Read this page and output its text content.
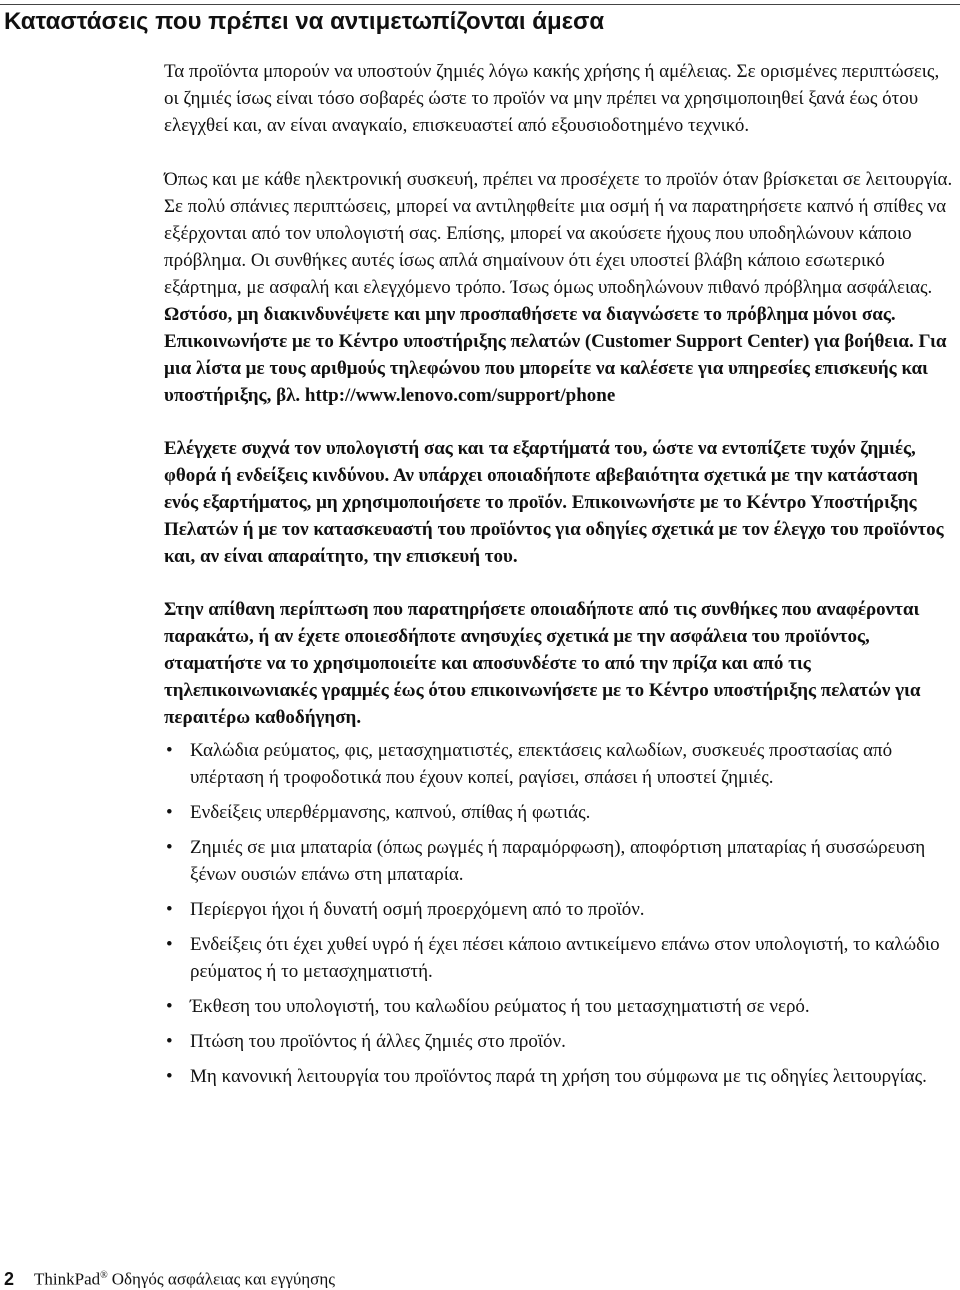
Καταστάσεις που πρέπει να αντιμετωπίζονται άμεσα

Τα προϊόντα μπορούν να υποστούν ζημιές λόγω κακής χρήσης ή αμέλειας. Σε ορισμένες περιπτώσεις, οι ζημιές ίσως είναι τόσο σοβαρές ώστε το προϊόν να μην πρέπει να χρησιμοποιηθεί ξανά έως ότου ελεγχθεί και, αν είναι αναγκαίο, επισκευαστεί από εξουσιοδοτημένο τεχνικό.

Όπως και με κάθε ηλεκτρονική συσκευή, πρέπει να προσέχετε το προϊόν όταν βρίσκεται σε λειτουργία. Σε πολύ σπάνιες περιπτώσεις, μπορεί να αντιληφθείτε μια οσμή ή να παρατηρήσετε καπνό ή σπίθες να εξέρχονται από τον υπολογιστή σας. Επίσης, μπορεί να ακούσετε ήχους που υποδηλώνουν κάποιο πρόβλημα. Οι συνθήκες αυτές ίσως απλά σημαίνουν ότι έχει υποστεί βλάβη κάποιο εσωτερικό εξάρτημα, με ασφαλή και ελεγχόμενο τρόπο. Ίσως όμως υποδηλώνουν πιθανό πρόβλημα ασφάλειας. Ωστόσο, μη διακινδυνέψετε και μην προσπαθήσετε να διαγνώσετε το πρόβλημα μόνοι σας. Επικοινωνήστε με το Κέντρο υποστήριξης πελατών (Customer Support Center) για βοήθεια. Για μια λίστα με τους αριθμούς τηλεφώνου που μπορείτε να καλέσετε για υπηρεσίες επισκευής και υποστήριξης, βλ. http://www.lenovo.com/support/phone

Ελέγχετε συχνά τον υπολογιστή σας και τα εξαρτήματά του, ώστε να εντοπίζετε τυχόν ζημιές, φθορά ή ενδείξεις κινδύνου. Αν υπάρχει οποιαδήποτε αβεβαιότητα σχετικά με την κατάσταση ενός εξαρτήματος, μη χρησιμοποιήσετε το προϊόν. Επικοινωνήστε με το Κέντρο Υποστήριξης Πελατών ή με τον κατασκευαστή του προϊόντος για οδηγίες σχετικά με τον έλεγχο του προϊόντος και, αν είναι απαραίτητο, την επισκευή του.

Στην απίθανη περίπτωση που παρατηρήσετε οποιαδήποτε από τις συνθήκες που αναφέρονται παρακάτω, ή αν έχετε οποιεσδήποτε ανησυχίες σχετικά με την ασφάλεια του προϊόντος, σταματήστε να το χρησιμοποιείτε και αποσυνδέστε το από την πρίζα και από τις τηλεπικοινωνιακές γραμμές έως ότου επικοινωνήσετε με το Κέντρο υποστήριξης πελατών για περαιτέρω καθοδήγηση.

• Καλώδια ρεύματος, φις, μετασχηματιστές, επεκτάσεις καλωδίων, συσκευές προστασίας από υπέρταση ή τροφοδοτικά που έχουν κοπεί, ραγίσει, σπάσει ή υποστεί ζημιές.
• Ενδείξεις υπερθέρμανσης, καπνού, σπίθας ή φωτιάς.
• Ζημιές σε μια μπαταρία (όπως ρωγμές ή παραμόρφωση), αποφόρτιση μπαταρίας ή συσσώρευση ξένων ουσιών επάνω στη μπαταρία.
• Περίεργοι ήχοι ή δυνατή οσμή προερχόμενη από το προϊόν.
• Ενδείξεις ότι έχει χυθεί υγρό ή έχει πέσει κάποιο αντικείμενο επάνω στον υπολογιστή, το καλώδιο ρεύματος ή το μετασχηματιστή.
• Έκθεση του υπολογιστή, του καλωδίου ρεύματος ή του μετασχηματιστή σε νερό.
• Πτώση του προϊόντος ή άλλες ζημιές στο προϊόν.
• Μη κανονική λειτουργία του προϊόντος παρά τη χρήση του σύμφωνα με τις οδηγίες λειτουργίας.
2 ThinkPad® Οδηγός ασφάλειας και εγγύησης
